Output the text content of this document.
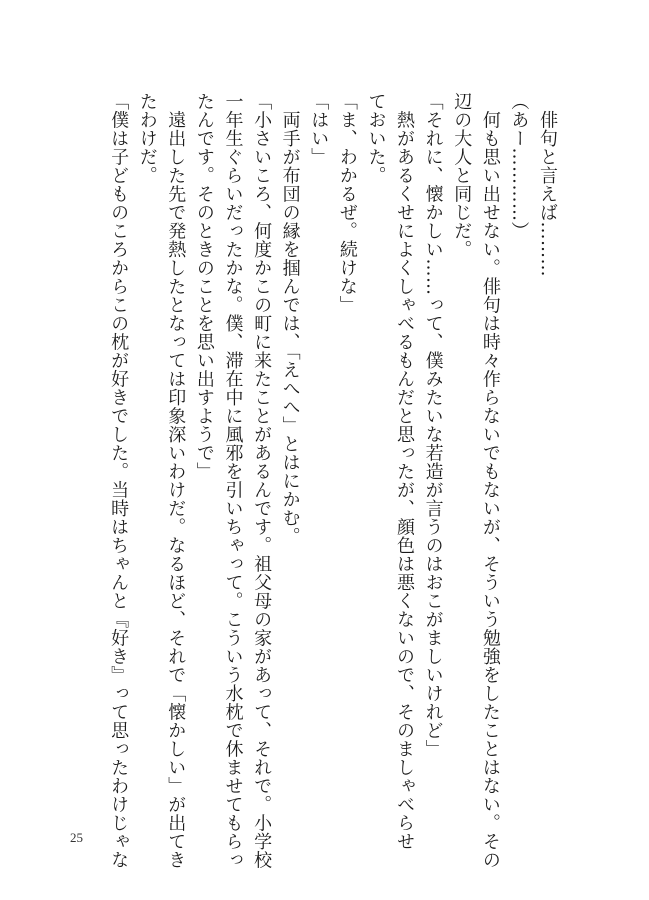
　俳句と言えば………
（あー…………）
　何も思い出せない。俳句は時々作らないでもないが、そういう勉強をしたことはない。その
辺の大人と同じだ。
「それに、懐かしい……って、僕みたいな若造が言うのはおこがましいけれど」
　熱があるくせによくしゃべるもんだと思ったが、顔色は悪くないので、そのましゃべらせ
ておいた。
「ま、わかるぜ。続けな」
「はい」
　両手が布団の縁を掴んでは、「えへへ」とはにかむ。
「小さいころ、何度かこの町に来たことがあるんです。祖父母の家があって、それで。小学校
一年生ぐらいだったかな。僕、滞在中に風邪を引いちゃって。こういう水枕で休ませてもらっ
たんです。そのときのことを思い出すようで」
　遠出した先で発熱したとなっては印象深いわけだ。なるほど、それで「懐かしい」が出てき
たわけだ。
「僕は子どものころからこの枕が好きでした。当時はちゃんと『好き』って思ったわけじゃな
25
